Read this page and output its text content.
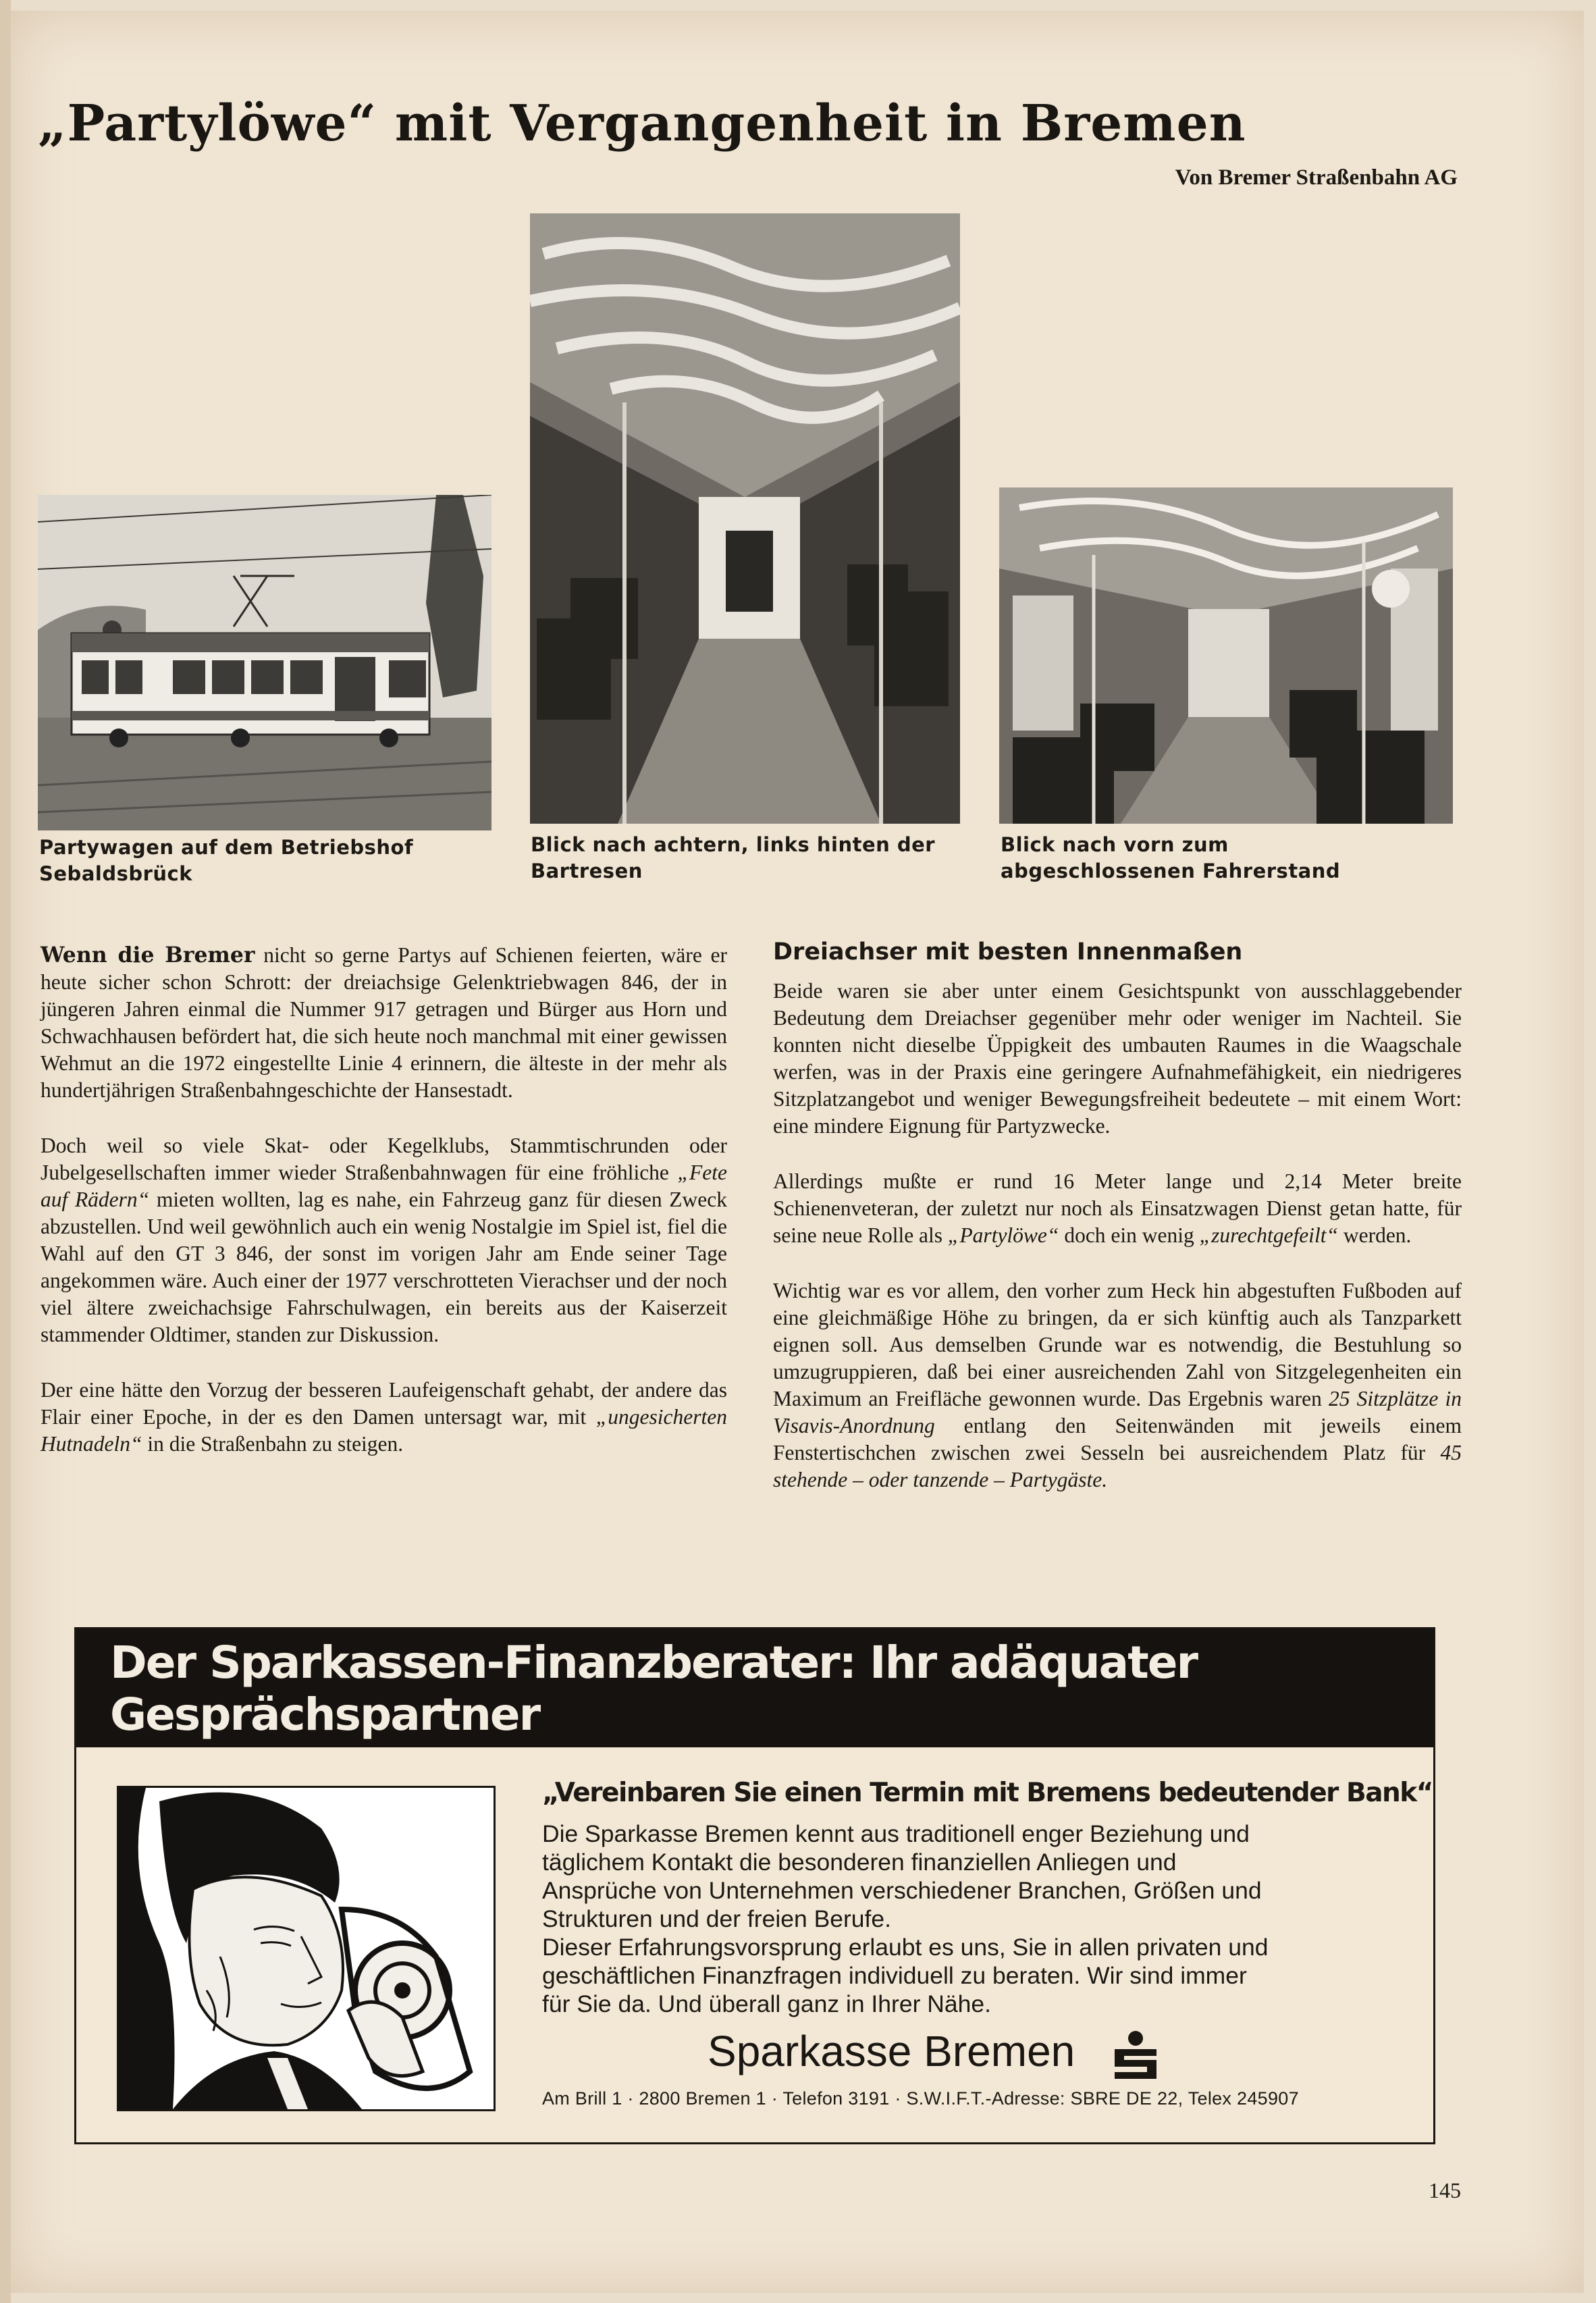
„Partylöwe“ mit Vergangenheit in Bremen
Von Bremer Straßenbahn AG
Partywagen auf dem Betriebshof Sebaldsbrück
Blick nach achtern, links hinten der Bartresen
Blick nach vorn zum abgeschlossenen Fahrerstand

Wenn die Bremer nicht so gerne Partys auf Schienen feierten, wäre er heute sicher schon Schrott: der dreiachsige Gelenktriebwagen 846, der in jüngeren Jahren einmal die Nummer 917 getragen und Bürger aus Horn und Schwachhausen befördert hat, die sich heute noch manchmal mit einer gewissen Wehmut an die 1972 eingestellte Linie 4 erinnern, die älteste in der mehr als hundertjährigen Straßenbahngeschichte der Hansestadt.

Doch weil so viele Skat- oder Kegelklubs, Stammtischrunden oder Jubelgesellschaften immer wieder Straßenbahnwagen für eine fröhliche „Fete auf Rädern“ mieten wollten, lag es nahe, ein Fahrzeug ganz für diesen Zweck abzustellen. Und weil gewöhnlich auch ein wenig Nostalgie im Spiel ist, fiel die Wahl auf den GT 3 846, der sonst im vorigen Jahr am Ende seiner Tage angekommen wäre. Auch einer der 1977 verschrotteten Vierachser und der noch viel ältere zweichachsige Fahrschulwagen, ein bereits aus der Kaiserzeit stammender Oldtimer, standen zur Diskussion.

Der eine hätte den Vorzug der besseren Laufeigenschaft gehabt, der andere das Flair einer Epoche, in der es den Damen untersagt war, mit „ungesicherten Hutnadeln“ in die Straßenbahn zu steigen.

Dreiachser mit besten Innenmaßen

Beide waren sie aber unter einem Gesichtspunkt von ausschlaggebender Bedeutung dem Dreiachser gegenüber mehr oder weniger im Nachteil. Sie konnten nicht dieselbe Üppigkeit des umbauten Raumes in die Waagschale werfen, was in der Praxis eine geringere Aufnahmefähigkeit, ein niedrigeres Sitzplatzangebot und weniger Bewegungsfreiheit bedeutete – mit einem Wort: eine mindere Eignung für Partyzwecke.

Allerdings mußte er rund 16 Meter lange und 2,14 Meter breite Schienenveteran, der zuletzt nur noch als Einsatzwagen Dienst getan hatte, für seine neue Rolle als „Partylöwe“ doch ein wenig „zurechtgefeilt“ werden.

Wichtig war es vor allem, den vorher zum Heck hin abgestuften Fußboden auf eine gleichmäßige Höhe zu bringen, da er sich künftig auch als Tanzparkett eignen soll. Aus demselben Grunde war es notwendig, die Bestuhlung so umzugruppieren, daß bei einer ausreichenden Zahl von Sitzgelegenheiten ein Maximum an Freifläche gewonnen wurde. Das Ergebnis waren 25 Sitzplätze in Visavis-Anordnung entlang den Seitenwänden mit jeweils einem Fenstertischchen zwischen zwei Sesseln bei ausreichendem Platz für 45 stehende – oder tanzende – Partygäste.

Der Sparkassen-Finanzberater: Ihr adäquater Gesprächspartner
„Vereinbaren Sie einen Termin mit Bremens bedeutender Bank“

Die Sparkasse Bremen kennt aus traditionell enger Beziehung und

täglichem Kontakt die besonderen finanziellen Anliegen und

Ansprüche von Unternehmen verschiedener Branchen, Größen und

Strukturen und der freien Berufe.

Dieser Erfahrungsvorsprung erlaubt es uns, Sie in allen privaten und

geschäftlichen Finanzfragen individuell zu beraten. Wir sind immer

für Sie da. Und überall ganz in Ihrer Nähe.

Sparkasse Bremen
Am Brill 1 · 2800 Bremen 1 · Telefon 3191 · S.W.I.F.T.-Adresse: SBRE DE 22, Telex 245907
145
